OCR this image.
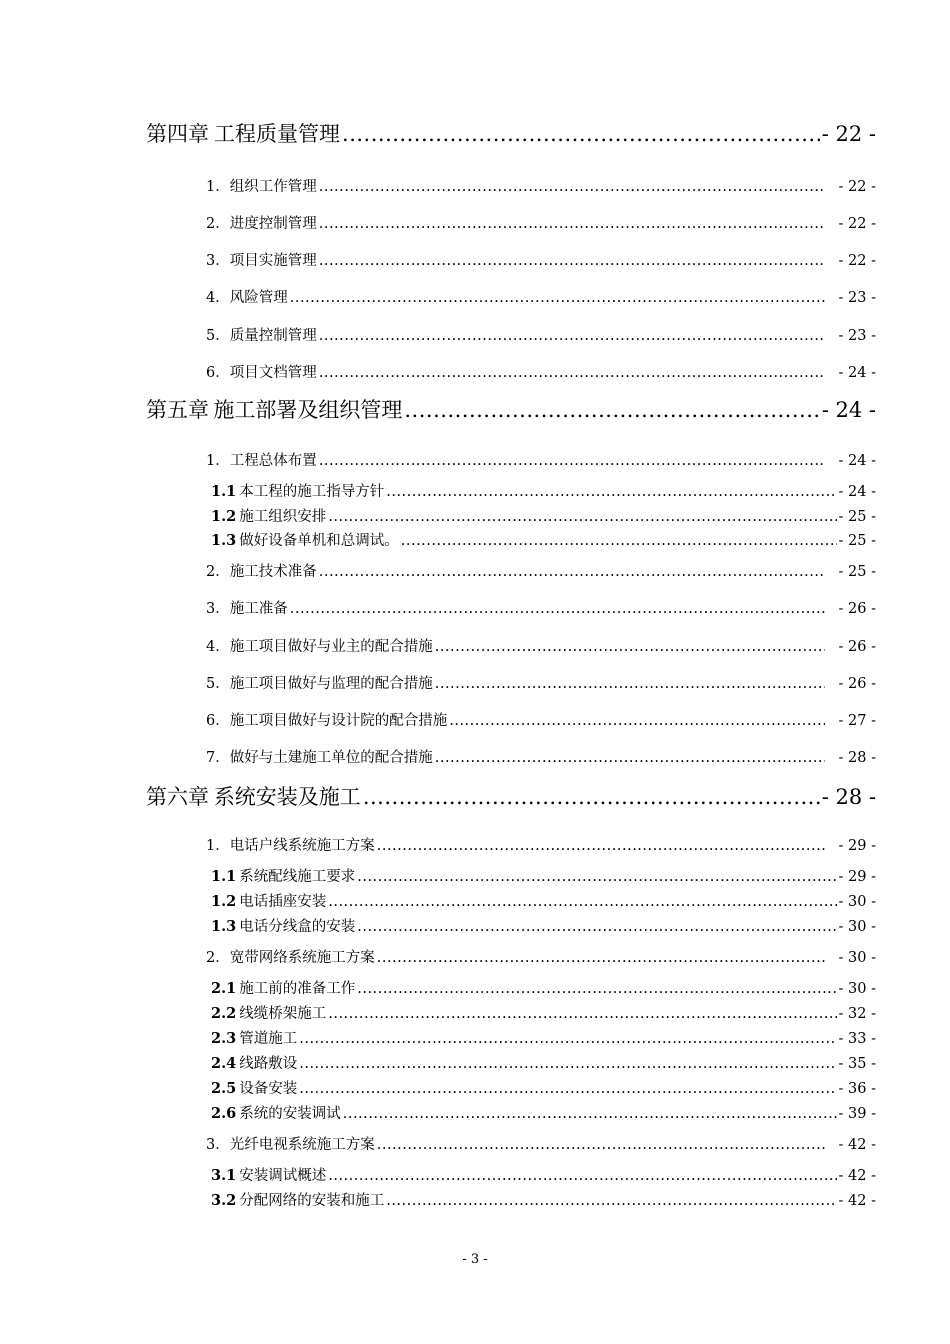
第四章 工程质量管理 .....	- 22 -
1． 组织工作管理 .....	- 22 -
2． 进度控制管理 .....	- 22 -
3． 项目实施管理 .....	- 22 -
4． 风险管理 .....	- 23 -
5． 质量控制管理 .....	- 23 -
6． 项目文档管理 .....	- 24 -
第五章 施工部署及组织管理 .....	- 24 -
1． 工程总体布置 .....	- 24 -
1.1 本工程的施工指导方针 .....	- 24 -
1.2 施工组织安排 .....	- 25 -
1.3 做好设备单机和总调试。 .....	- 25 -
2． 施工技术准备 .....	- 25 -
3． 施工准备 .....	- 26 -
4． 施工项目做好与业主的配合措施 .....	- 26 -
5． 施工项目做好与监理的配合措施 .....	- 26 -
6． 施工项目做好与设计院的配合措施 .....	- 27 -
7． 做好与土建施工单位的配合措施 .....	- 28 -
第六章 系统安装及施工 .....	- 28 -
1． 电话户线系统施工方案 .....	- 29 -
1.1 系统配线施工要求 .....	- 29 -
1.2 电话插座安装 .....	- 30 -
1.3 电话分线盒的安装 .....	- 30 -
2． 宽带网络系统施工方案 .....	- 30 -
2.1 施工前的准备工作 .....	- 30 -
2.2 线缆桥架施工 .....	- 32 -
2.3 管道施工 .....	- 33 -
2.4 线路敷设 .....	- 35 -
2.5 设备安装 .....	- 36 -
2.6 系统的安装调试 .....	- 39 -
3． 光纤电视系统施工方案 .....	- 42 -
3.1 安装调试概述 .....	- 42 -
3.2 分配网络的安装和施工 .....	- 42 -
- 3 -
